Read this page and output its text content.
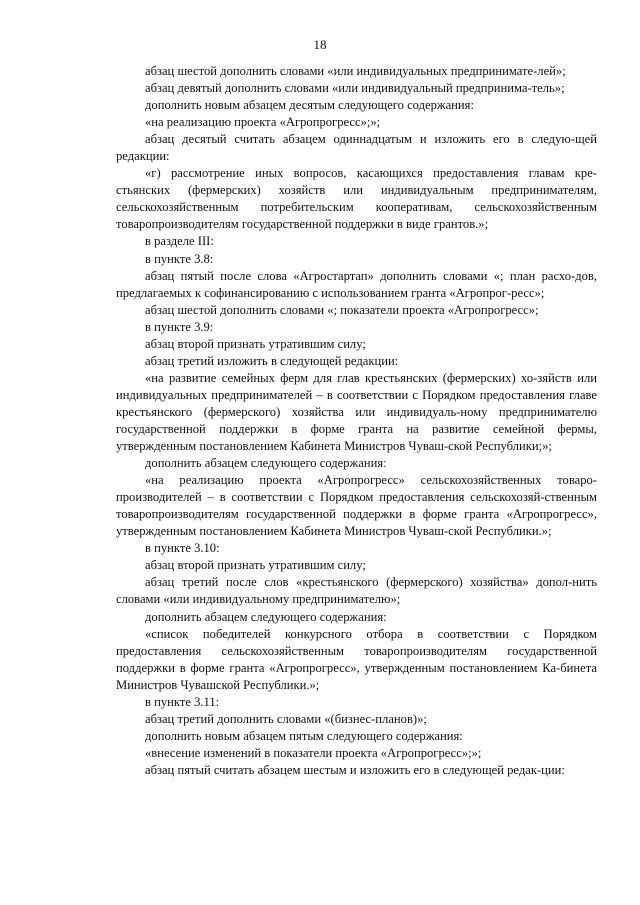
18

абзац шестой дополнить словами «или индивидуальных предпринимате-лей»;

абзац девятый дополнить словами «или индивидуальный предпринима-тель»;

дополнить новым абзацем десятым следующего содержания:

«на реализацию проекта «Агропрогресс»;»;

абзац десятый считать абзацем одиннадцатым и изложить его в следую-щей редакции:

«г) рассмотрение иных вопросов, касающихся предоставления главам кре-стьянских (фермерских) хозяйств или индивидуальным предпринимателям, сельскохозяйственным потребительским кооперативам, сельскохозяйственным товаропроизводителям государственной поддержки в виде грантов.»;

в разделе III:

в пункте 3.8:

абзац пятый после слова «Агростартап» дополнить словами «; план расхо-дов, предлагаемых к софинансированию с использованием гранта «Агропрог-ресс»;

абзац шестой дополнить словами «; показатели проекта «Агропрогресс»;

в пункте 3.9:

абзац второй признать утратившим силу;

абзац третий изложить в следующей редакции:

«на развитие семейных ферм для глав крестьянских (фермерских) хо-зяйств или индивидуальных предпринимателей – в соответствии с Порядком предоставления главе крестьянского (фермерского) хозяйства или индивидуаль-ному предпринимателю государственной поддержки в форме гранта на развитие семейной фермы, утвержденным постановлением Кабинета Министров Чуваш-ской Республики;»;

дополнить абзацем следующего содержания:

«на реализацию проекта «Агропрогресс» сельскохозяйственных товаро-производителей – в соответствии с Порядком предоставления сельскохозяй-ственным товаропроизводителям государственной поддержки в форме гранта «Агропрогресс», утвержденным постановлением Кабинета Министров Чуваш-ской Республики.»;

в пункте 3.10:

абзац второй признать утратившим силу;

абзац третий после слов «крестьянского (фермерского) хозяйства» допол-нить словами «или индивидуальному предпринимателю»;

дополнить абзацем следующего содержания:

«список победителей конкурсного отбора в соответствии с Порядком предоставления сельскохозяйственным товаропроизводителям государственной поддержки в форме гранта «Агропрогресс», утвержденным постановлением Ка-бинета Министров Чувашской Республики.»;

в пункте 3.11:

абзац третий дополнить словами «(бизнес-планов)»;

дополнить новым абзацем пятым следующего содержания:

«внесение изменений в показатели проекта «Агропрогресс»;»;

абзац пятый считать абзацем шестым и изложить его в следующей редак-ции:
